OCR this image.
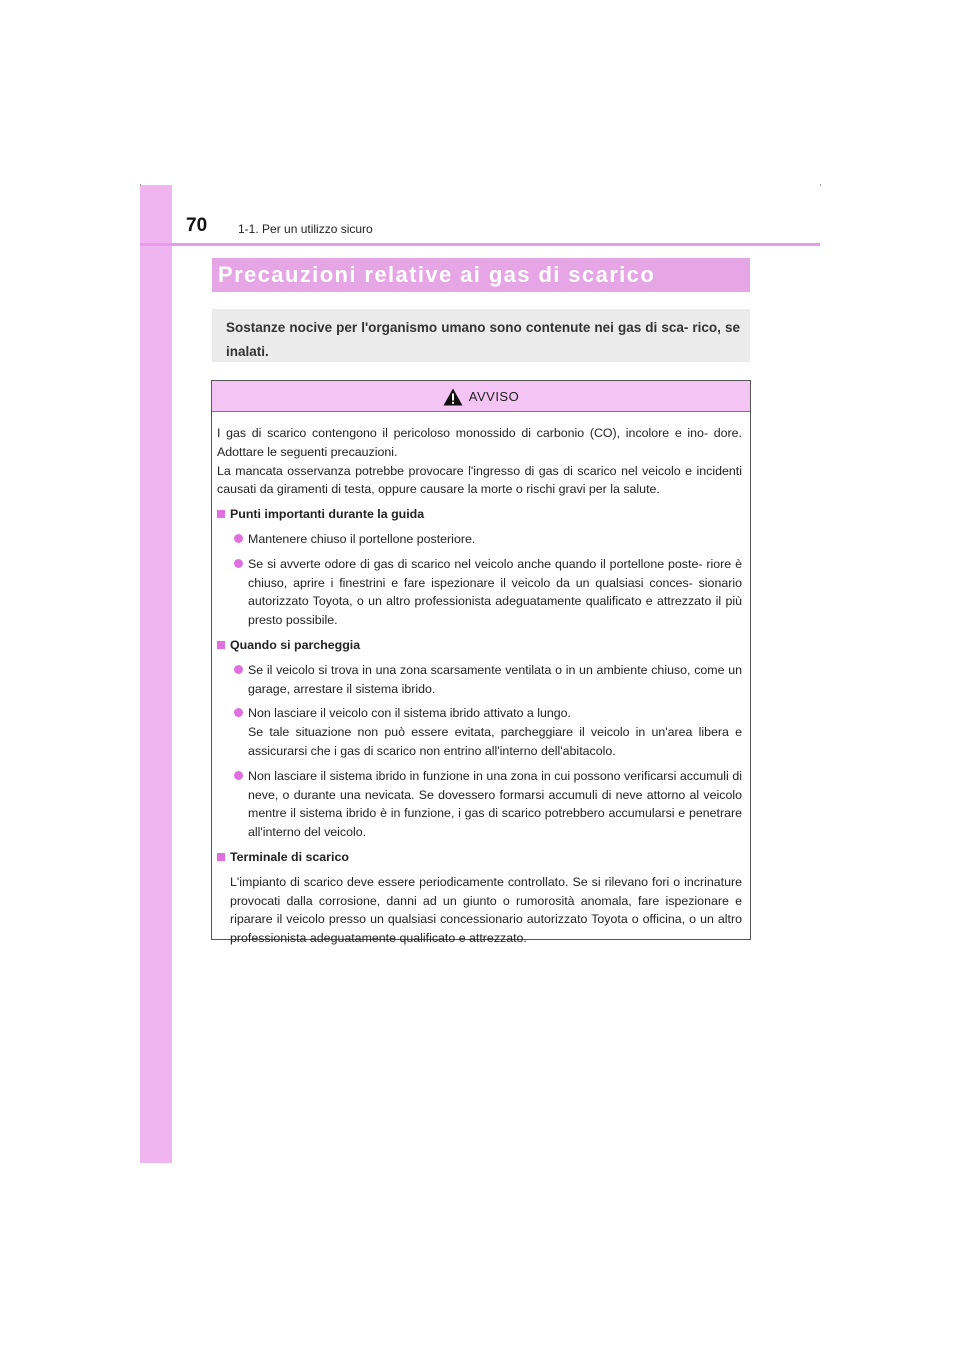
70	1-1. Per un utilizzo sicuro
Precauzioni relative ai gas di scarico
Sostanze nocive per l'organismo umano sono contenute nei gas di sca- rico, se inalati.
AVVISO

I gas di scarico contengono il pericoloso monossido di carbonio (CO), incolore e ino- dore. Adottare le seguenti precauzioni.

La mancata osservanza potrebbe provocare l'ingresso di gas di scarico nel veicolo e incidenti causati da giramenti di testa, oppure causare la morte o rischi gravi per la salute.

Punti importanti durante la guida
Mantenere chiuso il portellone posteriore.
Se si avverte odore di gas di scarico nel veicolo anche quando il portellone poste- riore è chiuso, aprire i finestrini e fare ispezionare il veicolo da un qualsiasi conces- sionario autorizzato Toyota, o un altro professionista adeguatamente qualificato e attrezzato il più presto possibile.
Quando si parcheggia
Se il veicolo si trova in una zona scarsamente ventilata o in un ambiente chiuso, come un garage, arrestare il sistema ibrido.
Non lasciare il veicolo con il sistema ibrido attivato a lungo.
Se tale situazione non può essere evitata, parcheggiare il veicolo in un'area libera e assicurarsi che i gas di scarico non entrino all'interno dell'abitacolo.
Non lasciare il sistema ibrido in funzione in una zona in cui possono verificarsi accumuli di neve, o durante una nevicata. Se dovessero formarsi accumuli di neve attorno al veicolo mentre il sistema ibrido è in funzione, i gas di scarico potrebbero accumularsi e penetrare all'interno del veicolo.
Terminale di scarico

L'impianto di scarico deve essere periodicamente controllato. Se si rilevano fori o incrinature provocati dalla corrosione, danni ad un giunto o rumorosità anomala, fare ispezionare e riparare il veicolo presso un qualsiasi concessionario autorizzato Toyota o officina, o un altro professionista adeguatamente qualificato e attrezzato.
